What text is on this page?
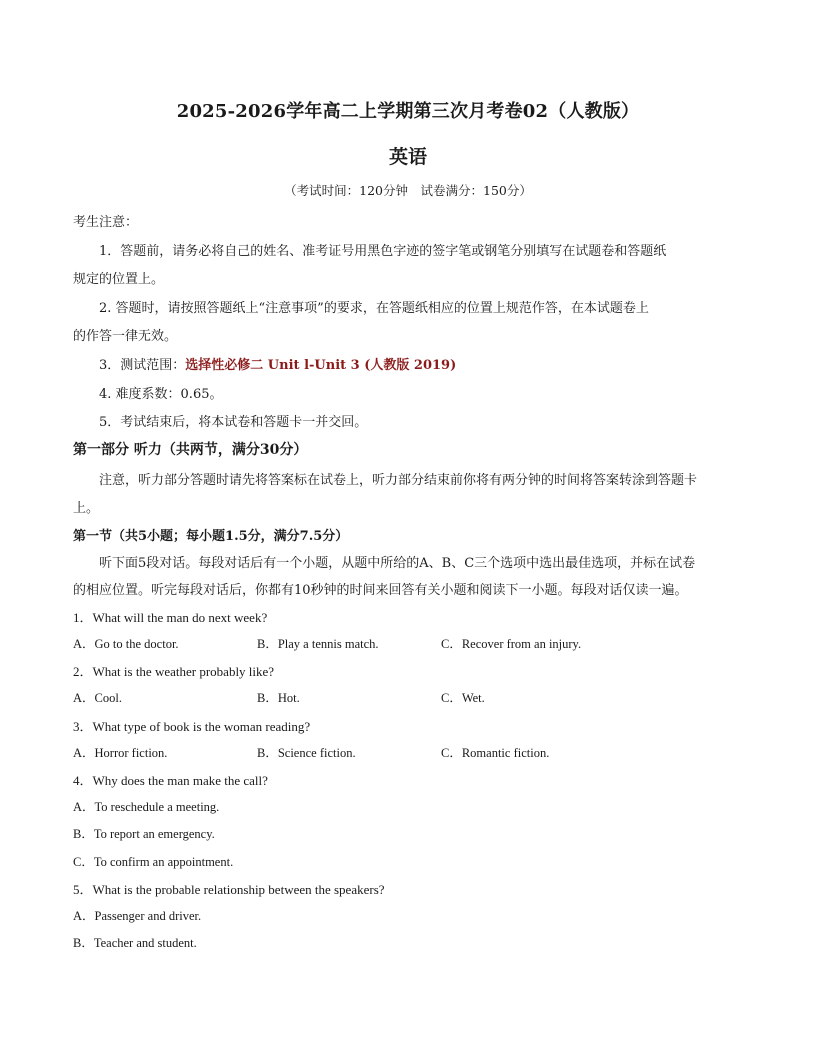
2025-2026学年高二上学期第三次月考卷02（人教版）
英语
（考试时间：120分钟　试卷满分：150分）
考生注意：
1．答题前，请务必将自己的姓名、准考证号用黑色字迹的签字笔或钢笔分别填写在试题卷和答题纸
规定的位置上。
2. 答题时，请按照答题纸上“注意事项”的要求，在答题纸相应的位置上规范作答，在本试题卷上
的作答一律无效。
3．测试范围：选择性必修二 Unit l-Unit 3 (人教版 2019)
4. 难度系数：0.65。
5．考试结束后，将本试卷和答题卡一并交回。
第一部分 听力（共两节，满分30分）
注意，听力部分答题时请先将答案标在试卷上，听力部分结束前你将有两分钟的时间将答案转涂到答题卡
上。
第一节（共5小题；每小题1.5分，满分7.5分）
听下面5段对话。每段对话后有一个小题，从题中所给的A、B、C三个选项中选出最佳选项，并标在试卷
的相应位置。听完每段对话后，你都有10秒钟的时间来回答有关小题和阅读下一小题。每段对话仅读一遍。
1．What will the man do next week?
A．Go to the doctor.	B．Play a tennis match.	C．Recover from an injury.
2．What is the weather probably like?
A．Cool.	B．Hot.	C．Wet.
3．What type of book is the woman reading?
A．Horror fiction.	B．Science fiction.	C．Romantic fiction.
4．Why does the man make the call?
A．To reschedule a meeting.
B．To report an emergency.
C．To confirm an appointment.
5．What is the probable relationship between the speakers?
A．Passenger and driver.
B．Teacher and student.
